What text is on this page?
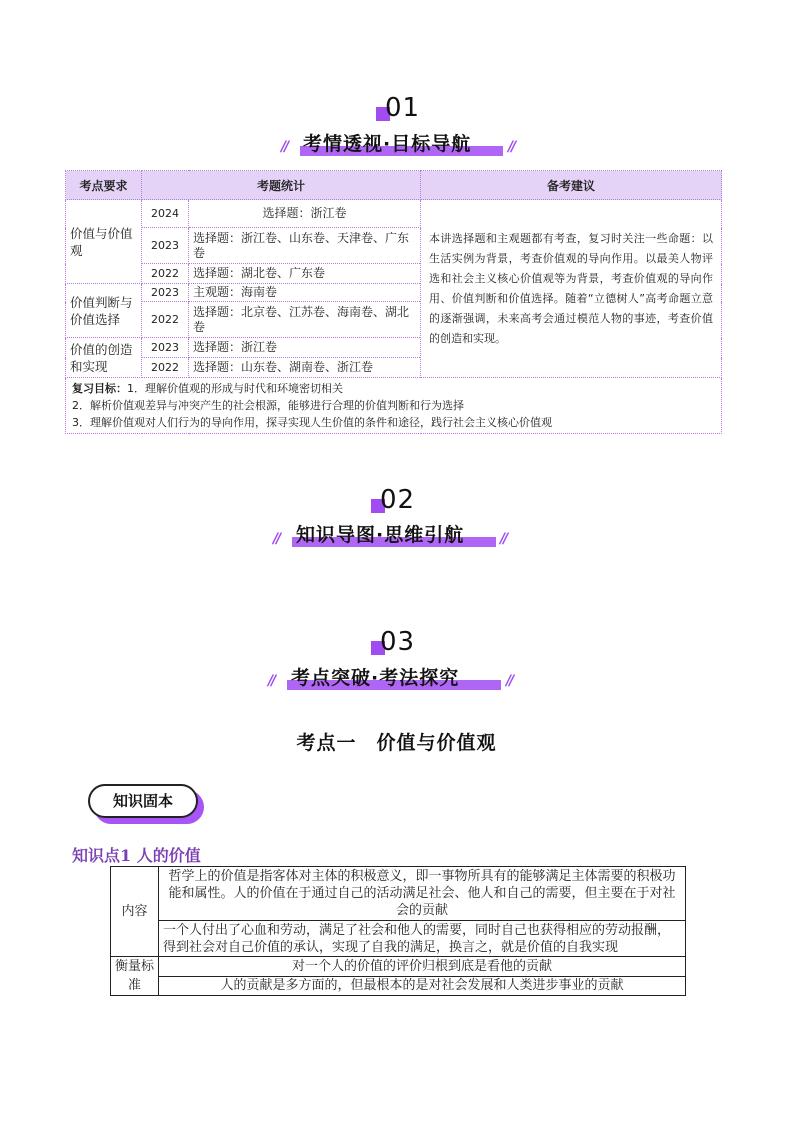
01
// 考情透视·目标导航	//
考点要求	考题统计		备考建议
价值与价值观	2024	选择题：浙江卷	本讲选择题和主观题都有考查，复习时关注一些命题：以生活实例为背景，考查价值观的导向作用。以最美人物评选和社会主义核心价值观等为背景，考查价值观的导向作用、价值判断和价值选择。随着“立德树人”高考命题立意的逐渐强调，未来高考会通过模范人物的事迹，考查价值的创造和实现。
	2023	选择题：浙江卷、山东卷、天津卷、广东卷	
	2022	选择题：湖北卷、广东卷	
价值判断与价值选择	2023	主观题：海南卷	
	2022	选择题：北京卷、江苏卷、海南卷、湖北卷	
价值的创造和实现	2023	选择题：浙江卷	
	2022	选择题：山东卷、湖南卷、浙江卷	
复习目标：1．理解价值观的形成与时代和环境密切相关
2．解析价值观差异与冲突产生的社会根源，能够进行合理的价值判断和行为选择
3．理解价值观对人们行为的导向作用，探寻实现人生价值的条件和途径，践行社会主义核心价值观			
02
// 知识导图·思维引航	//
03
// 考点突破·考法探究	//
考点一　价值与价值观
知识固本
知识点1 人的价值
内容	哲学上的价值是指客体对主体的积极意义，即一事物所具有的能够满足主体需要的积极功能和属性。人的价值在于通过自己的活动满足社会、他人和自己的需要，但主要在于对社会的贡献
	一个人付出了心血和劳动，满足了社会和他人的需要，同时自己也获得相应的劳动报酬，得到社会对自己价值的承认，实现了自我的满足，换言之，就是价值的自我实现
衡量标准	对一个人的价值的评价归根到底是看他的贡献
	人的贡献是多方面的，但最根本的是对社会发展和人类进步事业的贡献
